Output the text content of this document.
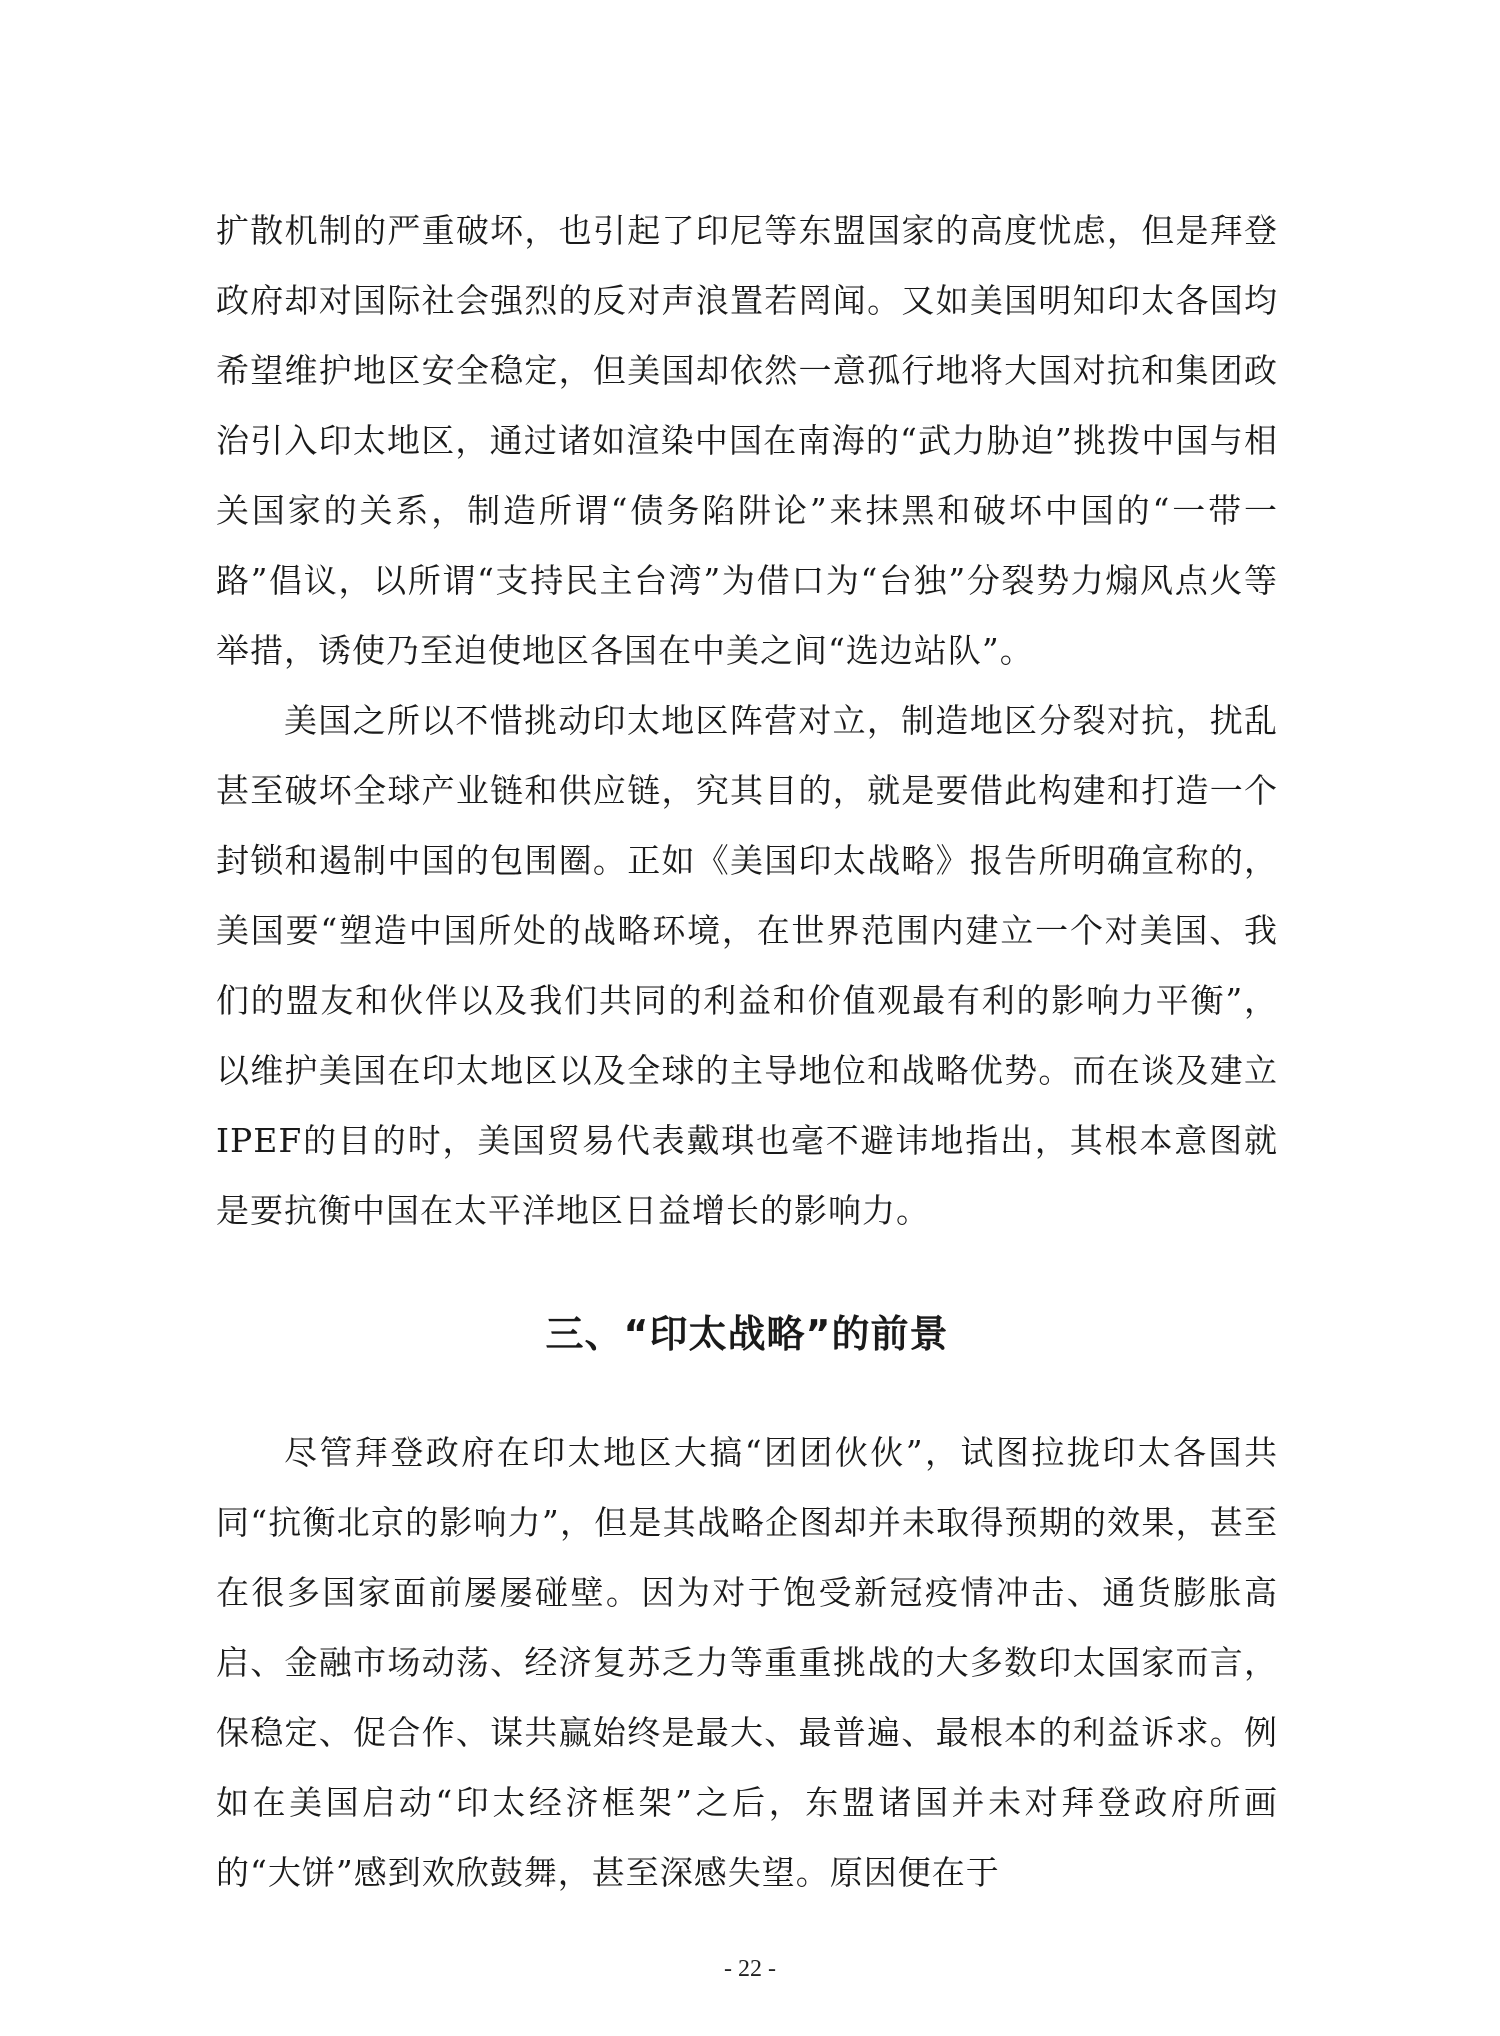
扩散机制的严重破坏，也引起了印尼等东盟国家的高度忧虑，但是拜登政府却对国际社会强烈的反对声浪置若罔闻。又如美国明知印太各国均希望维护地区安全稳定，但美国却依然一意孤行地将大国对抗和集团政治引入印太地区，通过诸如渲染中国在南海的“武力胁迫”挑拨中国与相关国家的关系，制造所谓“债务陷阱论”来抹黑和破坏中国的“一带一路”倡议，以所谓“支持民主台湾”为借口为“台独”分裂势力煽风点火等举措，诱使乃至迫使地区各国在中美之间“选边站队”。

美国之所以不惜挑动印太地区阵营对立，制造地区分裂对抗，扰乱甚至破坏全球产业链和供应链，究其目的，就是要借此构建和打造一个封锁和遏制中国的包围圈。正如《美国印太战略》报告所明确宣称的，美国要“塑造中国所处的战略环境，在世界范围内建立一个对美国、我们的盟友和伙伴以及我们共同的利益和价值观最有利的影响力平衡”，以维护美国在印太地区以及全球的主导地位和战略优势。而在谈及建立IPEF的目的时，美国贸易代表戴琪也毫不避讳地指出，其根本意图就是要抗衡中国在太平洋地区日益增长的影响力。

三、“印太战略”的前景

尽管拜登政府在印太地区大搞“团团伙伙”，试图拉拢印太各国共同“抗衡北京的影响力”，但是其战略企图却并未取得预期的效果，甚至在很多国家面前屡屡碰壁。因为对于饱受新冠疫情冲击、通货膨胀高启、金融市场动荡、经济复苏乏力等重重挑战的大多数印太国家而言，保稳定、促合作、谋共赢始终是最大、最普遍、最根本的利益诉求。例如在美国启动“印太经济框架”之后，东盟诸国并未对拜登政府所画的“大饼”感到欢欣鼓舞，甚至深感失望。原因便在于

- 22 -
